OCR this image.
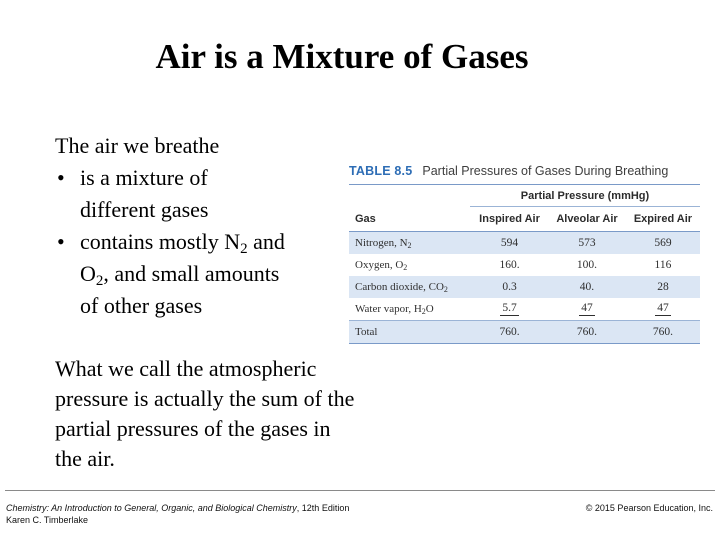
Air is a Mixture of Gases
The air we breathe
• is a mixture of
different gases
• contains mostly $N_2$ and
$O_2$, and small amounts
of other gases
What we call the atmospheric pressure is actually the sum of the partial pressures of the gases in the air.
TABLE 8.5 Partial Pressures of Gases During Breathing
Partial Pressure (mmHg)
Gas	Inspired Air	Alveolar Air	Expired Air
Nitrogen, N2	594	573	569
Oxygen, O2	160.	100.	116
Carbon dioxide, CO2	0.3	40.	28
Water vapor, H2O	5.7	47	47
Total	760.	760.	760.
Chemistry: An Introduction to General, Organic, and Biological Chemistry, 12th Edition
Karen C. Timberlake
© 2015 Pearson Education, Inc.
